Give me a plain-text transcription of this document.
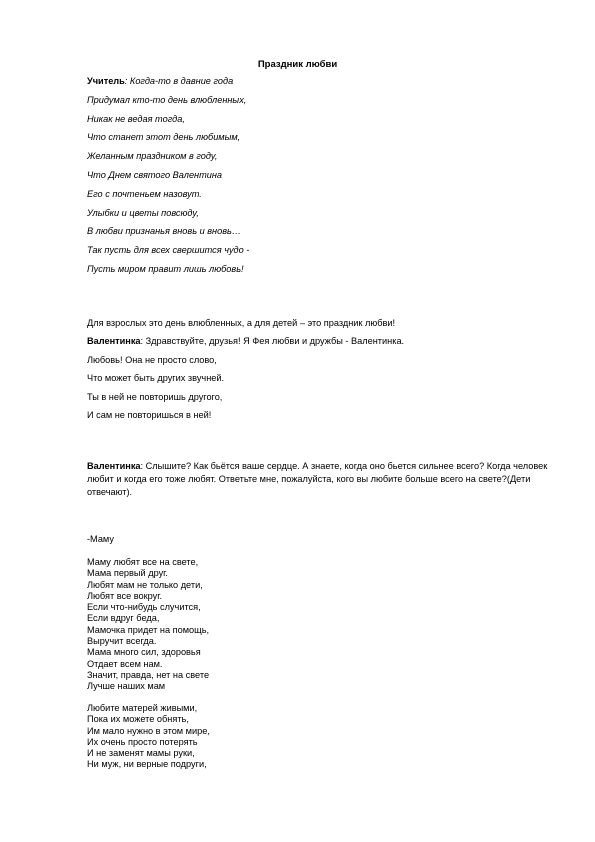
Праздник любви
Учитель: Когда-то в давние года
Придумал кто-то день влюбленных,
Никак не ведая тогда,
Что станет этот день любимым,
Желанным праздником в году,
Что Днем святого Валентина
Его с почтеньем назовут.
Улыбки и цветы повсюду,
В любви признанья вновь и вновь…
Так пусть для всех свершится чудо -
Пусть миром правит лишь любовь!
Для взрослых это день влюбленных, а для детей – это праздник любви!
Валентинка: Здравствуйте, друзья! Я Фея любви и дружбы - Валентинка.
Любовь! Она не просто слово,
Что может быть других звучней.
Ты в ней не повторишь другого,
И сам не повторишься в ней!
Валентинка: Слышите? Как бьётся ваше сердце. А знаете, когда оно бьется сильнее всего? Когда человек любит и когда его тоже любят. Ответьте мне, пожалуйста, кого вы любите больше всего на свете?(Дети отвечают).
-Маму
Маму любят все на свете,
Мама первый друг.
Любят мам не только дети,
Любят все вокруг.
Если что-нибудь случится,
Если вдруг беда,
Мамочка придет на помощь,
Выручит всегда.
Мама много сил, здоровья
Отдает всем нам.
Значит, правда, нет на свете
Лучше наших мам
Любите матерей живыми,
Пока их можете обнять,
Им мало нужно в этом мире,
Их очень просто потерять
И не заменят мамы руки,
Ни муж, ни верные подруги,
